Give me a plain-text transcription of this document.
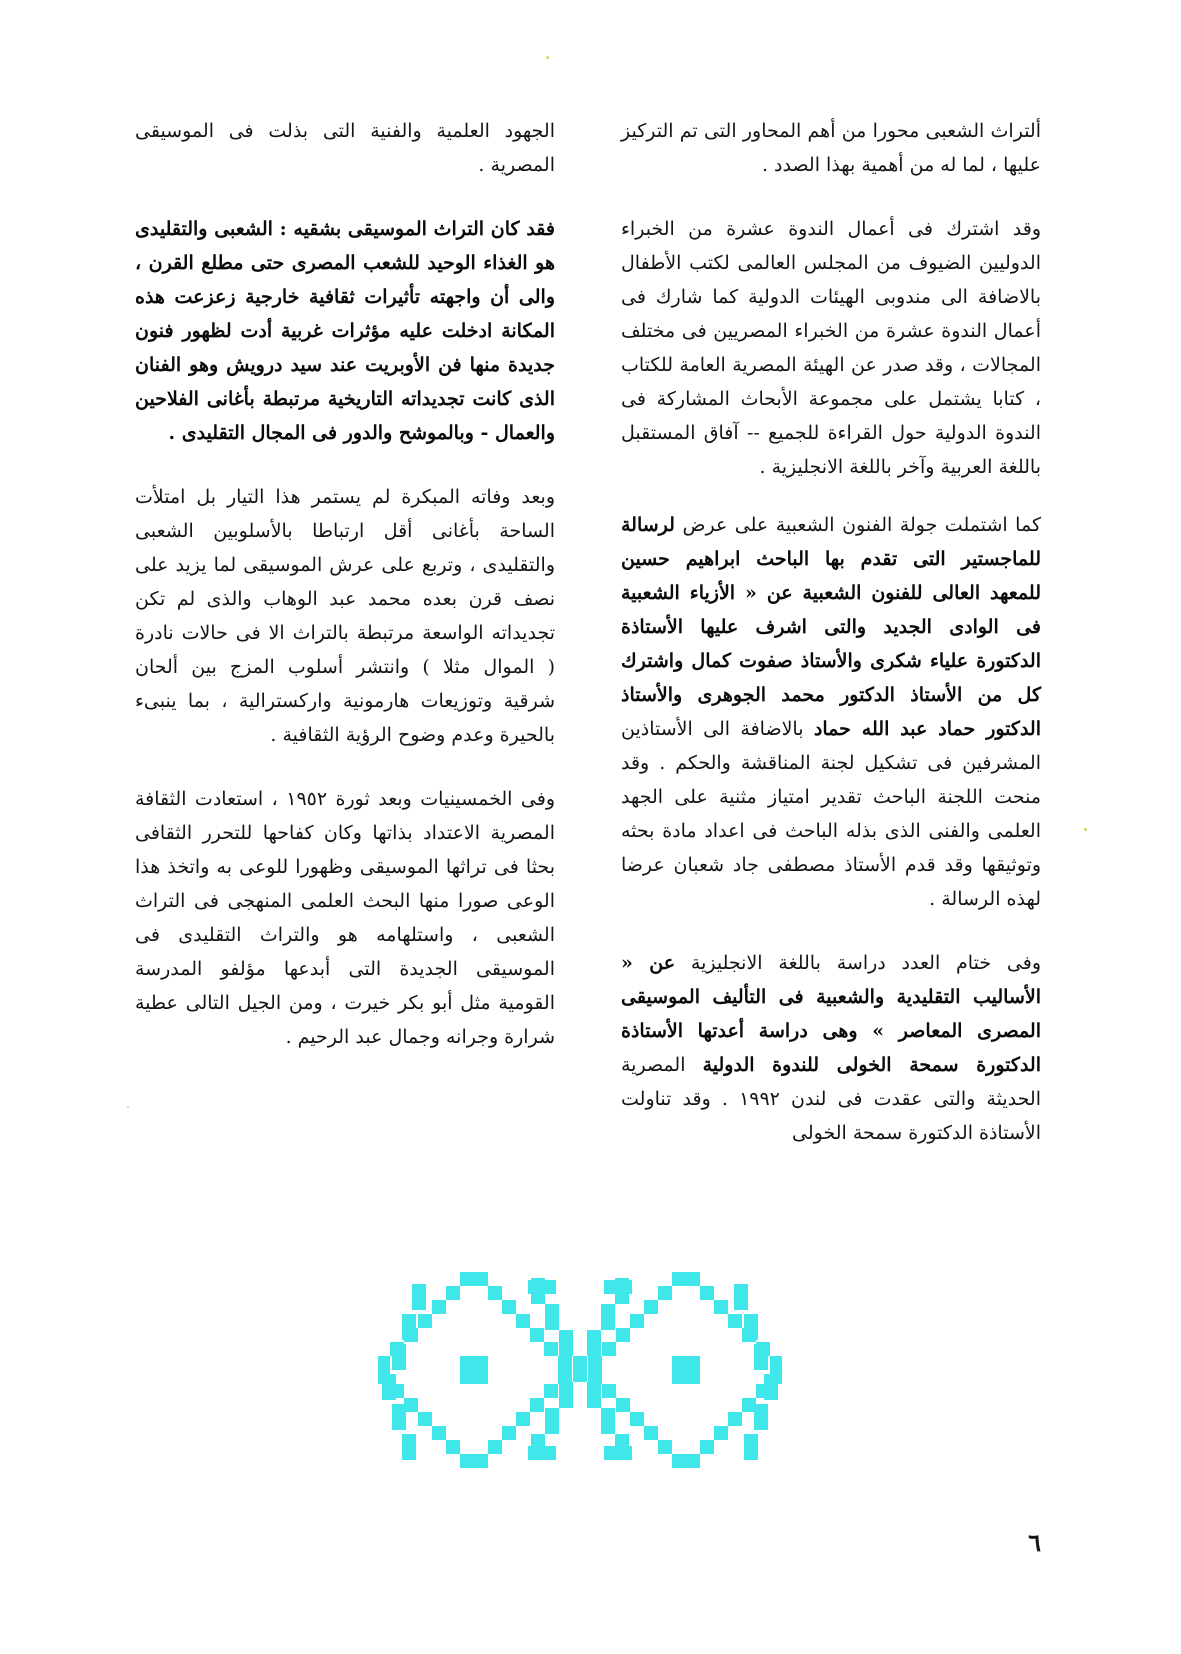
ألتراث الشعبى محورا من أهم المحاور التى تم التركيز عليها ، لما له من أهمية بهذا الصدد .

وقد اشترك فى أعمال الندوة عشرة من الخبراء الدوليين الضيوف من المجلس العالمى لكتب الأطفال بالاضافة الى مندوبى الهيئات الدولية كما شارك فى أعمال الندوة عشرة من الخبراء المصريين فى مختلف المجالات ، وقد صدر عن الهيئة المصرية العامة للكتاب ، كتابا يشتمل على مجموعة الأبحاث المشاركة فى الندوة الدولية حول القراءة للجميع -- آفاق المستقبل باللغة العربية وآخر باللغة الانجليزية .

كما اشتملت جولة الفنون الشعبية على عرض لرسالة للماجستير التى تقدم بها الباحث ابراهيم حسين للمعهد العالى للفنون الشعبية عن « الأزياء الشعبية فى الوادى الجديد والتى اشرف عليها الأستاذة الدكتورة علياء شكرى والأستاذ صفوت كمال واشترك كل من الأستاذ الدكتور محمد الجوهرى والأستاذ الدكتور حماد عبد الله حماد بالاضافة الى الأستاذين المشرفين فى تشكيل لجنة المناقشة والحكم . وقد منحت اللجنة الباحث تقدير امتياز مثنية على الجهد العلمى والفنى الذى بذله الباحث فى اعداد مادة بحثه وتوثيقها وقد قدم الأستاذ مصطفى جاد شعبان عرضا لهذه الرسالة .

وفى ختام العدد دراسة باللغة الانجليزية عن « الأساليب التقليدية والشعبية فى التأليف الموسيقى المصرى المعاصر » وهى دراسة أعدتها الأستاذة الدكتورة سمحة الخولى للندوة الدولية المصرية الحديثة والتى عقدت فى لندن ١٩٩٢ . وقد تناولت الأستاذة الدكتورة سمحة الخولى

الجهود العلمية والفنية التى بذلت فى الموسيقى المصرية .

فقد كان التراث الموسيقى بشقيه : الشعبى والتقليدى هو الغذاء الوحيد للشعب المصرى حتى مطلع القرن ، والى أن واجهته تأثيرات ثقافية خارجية زعزعت هذه المكانة ادخلت عليه مؤثرات غربية أدت لظهور فنون جديدة منها فن الأوبريت عند سيد درويش وهو الفنان الذى كانت تجديداته التاريخية مرتبطة بأغانى الفلاحين والعمال - وبالموشح والدور فى المجال التقليدى .

وبعد وفاته المبكرة لم يستمر هذا التيار بل امتلأت الساحة بأغانى أقل ارتباطا بالأسلوبين الشعبى والتقليدى ، وتربع على عرش الموسيقى لما يزيد على نصف قرن بعده محمد عبد الوهاب والذى لم تكن تجديداته الواسعة مرتبطة بالتراث الا فى حالات نادرة ( الموال مثلا ) وانتشر أسلوب المزج بين ألحان شرقية وتوزيعات هارمونية واركسترالية ، بما ينبىء بالحيرة وعدم وضوح الرؤية الثقافية .

وفى الخمسينيات وبعد ثورة ١٩٥٢ ، استعادت الثقافة المصرية الاعتداد بذاتها وكان كفاحها للتحرر الثقافى بحثا فى تراثها الموسيقى وظهورا للوعى به واتخذ هذا الوعى صورا منها البحث العلمى المنهجى فى التراث الشعبى ، واستلهامه هو والتراث التقليدى فى الموسيقى الجديدة التى أبدعها مؤلفو المدرسة القومية مثل أبو بكر خيرت ، ومن الجيل التالى عطية شرارة وجرانه وجمال عبد الرحيم .

٦
